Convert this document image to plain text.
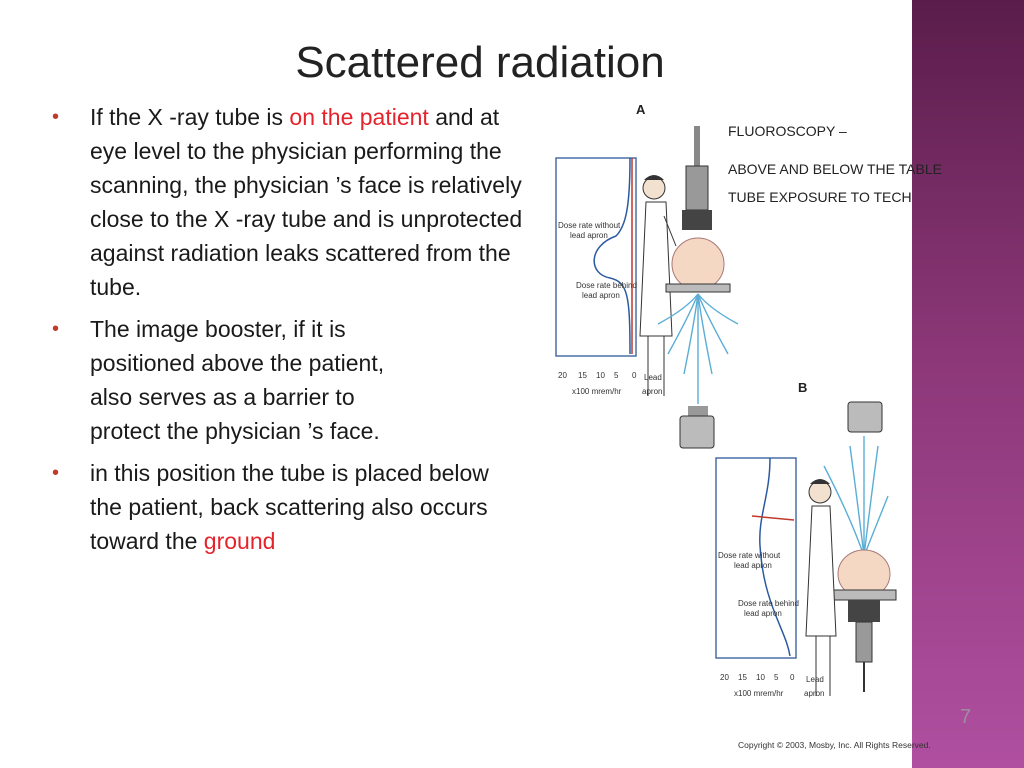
Scattered radiation
• If the X -ray tube is on the patient and at eye level to the physician performing the scanning, the physician ’s face is relatively close to the X -ray tube and is unprotected against radiation leaks scattered from the tube.
• The image booster, if it is positioned above the patient, also serves as a barrier to protect the physician ’s face.
• in this position the tube is placed below the patient, back scattering also occurs toward the ground
A
FLUOROSCOPY –
ABOVE AND BELOW THE TABLE
TUBE EXPOSURE TO TECH
Dose rate without
lead apron
Dose rate behind
lead apron
20 15 10 5 0
x100 mrem/hr
Lead
apron	B
Dose rate without
lead apron
Dose rate behind
lead apron
20 15 10 5 0
x100 mrem/hr
Lead
apron
Copyright © 2003, Mosby, Inc. All Rights Reserved.
7
